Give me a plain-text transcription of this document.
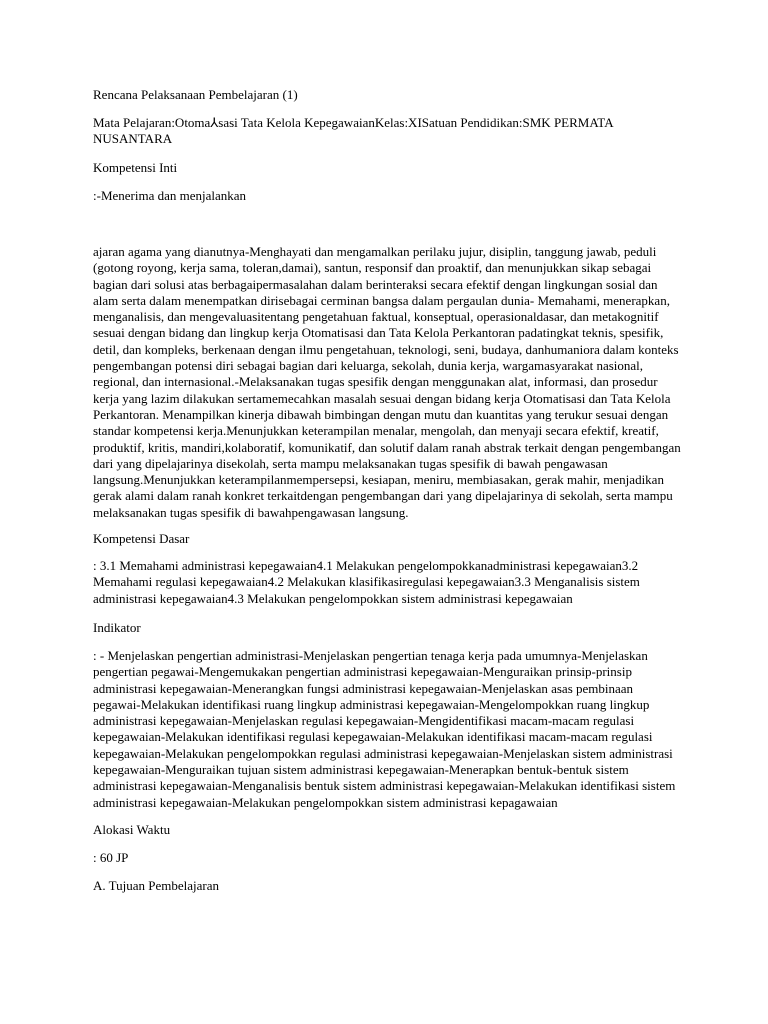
Rencana Pelaksanaan Pembelajaran (1)

Mata Pelajaran:Otoma⅄sasi Tata Kelola KepegawaianKelas:XISatuan Pendidikan:SMK PERMATA NUSANTARA

Kompetensi Inti

:-Menerima dan menjalankan

ajaran agama yang dianutnya-Menghayati dan mengamalkan perilaku jujur, disiplin, tanggung jawab, peduli (gotong royong, kerja sama, toleran,damai), santun, responsif dan proaktif, dan menunjukkan sikap sebagai bagian dari solusi atas berbagaipermasalahan dalam berinteraksi secara efektif dengan lingkungan sosial dan alam serta dalam menempatkan dirisebagai cerminan bangsa dalam pergaulan dunia- Memahami, menerapkan, menganalisis, dan mengevaluasitentang pengetahuan faktual, konseptual, operasionaldasar, dan metakognitif sesuai dengan bidang dan lingkup kerja Otomatisasi dan Tata Kelola Perkantoran padatingkat teknis, spesifik, detil, dan kompleks, berkenaan dengan ilmu pengetahuan, teknologi, seni, budaya, danhumaniora dalam konteks pengembangan potensi diri sebagai bagian dari keluarga, sekolah, dunia kerja, wargamasyarakat nasional, regional, dan internasional.-Melaksanakan tugas spesifik dengan menggunakan alat, informasi, dan prosedur kerja yang lazim dilakukan sertamemecahkan masalah sesuai dengan bidang kerja Otomatisasi dan Tata Kelola Perkantoran. Menampilkan kinerja dibawah bimbingan dengan mutu dan kuantitas yang terukur sesuai dengan standar kompetensi kerja.Menunjukkan keterampilan menalar, mengolah, dan menyaji secara efektif, kreatif, produktif, kritis, mandiri,kolaboratif, komunikatif, dan solutif dalam ranah abstrak terkait dengan pengembangan dari yang dipelajarinya disekolah, serta mampu melaksanakan tugas spesifik di bawah pengawasan langsung.Menunjukkan keterampilanmempersepsi, kesiapan, meniru, membiasakan, gerak mahir, menjadikan gerak alami dalam ranah konkret terkaitdengan pengembangan dari yang dipelajarinya di sekolah, serta mampu melaksanakan tugas spesifik di bawahpengawasan langsung.

Kompetensi Dasar

: 3.1 Memahami administrasi kepegawaian4.1 Melakukan pengelompokkanadministrasi kepegawaian3.2 Memahami regulasi kepegawaian4.2 Melakukan klasifikasiregulasi kepegawaian3.3 Menganalisis sistem administrasi kepegawaian4.3 Melakukan pengelompokkan sistem administrasi kepegawaian

Indikator

: - Menjelaskan pengertian administrasi-Menjelaskan pengertian tenaga kerja pada umumnya-Menjelaskan pengertian pegawai-Mengemukakan pengertian administrasi kepegawaian-Menguraikan prinsip-prinsip administrasi kepegawaian-Menerangkan fungsi administrasi kepegawaian-Menjelaskan asas pembinaan pegawai-Melakukan identifikasi ruang lingkup administrasi kepegawaian-Mengelompokkan ruang lingkup administrasi kepegawaian-Menjelaskan regulasi kepegawaian-Mengidentifikasi macam-macam regulasi kepegawaian-Melakukan identifikasi regulasi kepegawaian-Melakukan identifikasi macam-macam regulasi kepegawaian-Melakukan pengelompokkan regulasi administrasi kepegawaian-Menjelaskan sistem administrasi kepegawaian-Menguraikan tujuan sistem administrasi kepegawaian-Menerapkan bentuk-bentuk sistem administrasi kepegawaian-Menganalisis bentuk sistem administrasi kepegawaian-Melakukan identifikasi sistem administrasi kepegawaian-Melakukan pengelompokkan sistem administrasi kepagawaian

Alokasi Waktu

: 60 JP

A. Tujuan Pembelajaran
